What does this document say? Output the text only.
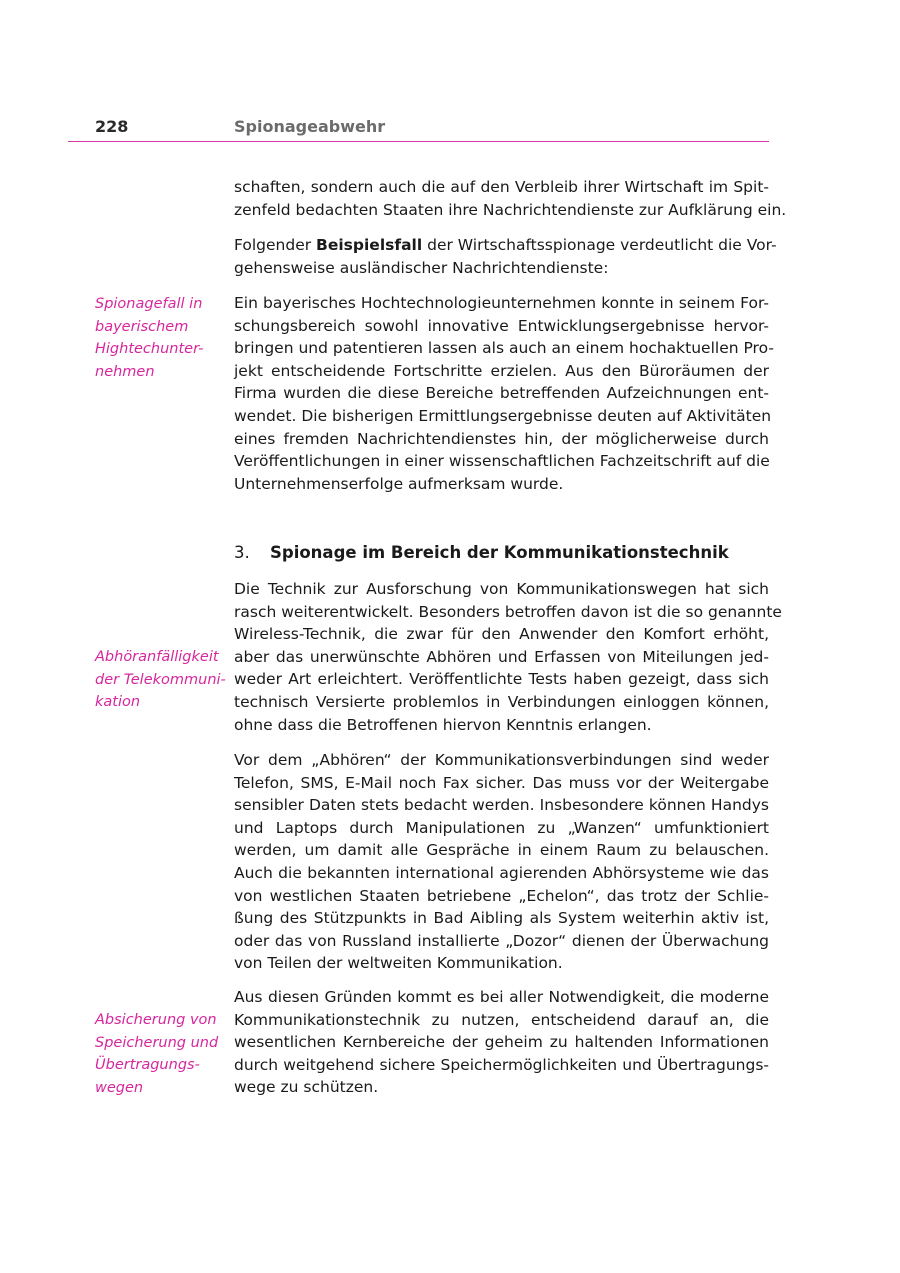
228	Spionageabwehr

schaften, sondern auch die auf den Verbleib ihrer Wirtschaft im Spit-
zenfeld bedachten Staaten ihre Nachrichtendienste zur Aufklärung ein.

Folgender Beispielsfall der Wirtschaftsspionage verdeutlicht die Vor-
gehensweise ausländischer Nachrichtendienste:

Spionagefall in
bayerischem
Hightechunter-
nehmen

Ein bayerisches Hochtechnologieunternehmen konnte in seinem For-
schungsbereich sowohl innovative Entwicklungsergebnisse hervor-
bringen und patentieren lassen als auch an einem hochaktuellen Pro-
jekt entscheidende Fortschritte erzielen. Aus den Büroräumen der
Firma wurden die diese Bereiche betreffenden Aufzeichnungen ent-
wendet. Die bisherigen Ermittlungsergebnisse deuten auf Aktivitäten
eines fremden Nachrichtendienstes hin, der möglicherweise durch
Veröffentlichungen in einer wissenschaftlichen Fachzeitschrift auf die
Unternehmenserfolge aufmerksam wurde.

3. Spionage im Bereich der Kommunikationstechnik

Die Technik zur Ausforschung von Kommunikationswegen hat sich
rasch weiterentwickelt. Besonders betroffen davon ist die so genannte
Wireless-Technik, die zwar für den Anwender den Komfort erhöht,
aber das unerwünschte Abhören und Erfassen von Miteilungen jed-
weder Art erleichtert. Veröffentlichte Tests haben gezeigt, dass sich
technisch Versierte problemlos in Verbindungen einloggen können,
ohne dass die Betroffenen hiervon Kenntnis erlangen.

Abhöranfälligkeit
der Telekommuni-
kation

Vor dem „Abhören“ der Kommunikationsverbindungen sind weder
Telefon, SMS, E-Mail noch Fax sicher. Das muss vor der Weitergabe
sensibler Daten stets bedacht werden. Insbesondere können Handys
und Laptops durch Manipulationen zu „Wanzen“ umfunktioniert
werden, um damit alle Gespräche in einem Raum zu belauschen.
Auch die bekannten international agierenden Abhörsysteme wie das
von westlichen Staaten betriebene „Echelon“, das trotz der Schlie-
ßung des Stützpunkts in Bad Aibling als System weiterhin aktiv ist,
oder das von Russland installierte „Dozor“ dienen der Überwachung
von Teilen der weltweiten Kommunikation.

Absicherung von
Speicherung und
Übertragungs-
wegen

Aus diesen Gründen kommt es bei aller Notwendigkeit, die moderne
Kommunikationstechnik zu nutzen, entscheidend darauf an, die
wesentlichen Kernbereiche der geheim zu haltenden Informationen
durch weitgehend sichere Speichermöglichkeiten und Übertragungs-
wege zu schützen.
